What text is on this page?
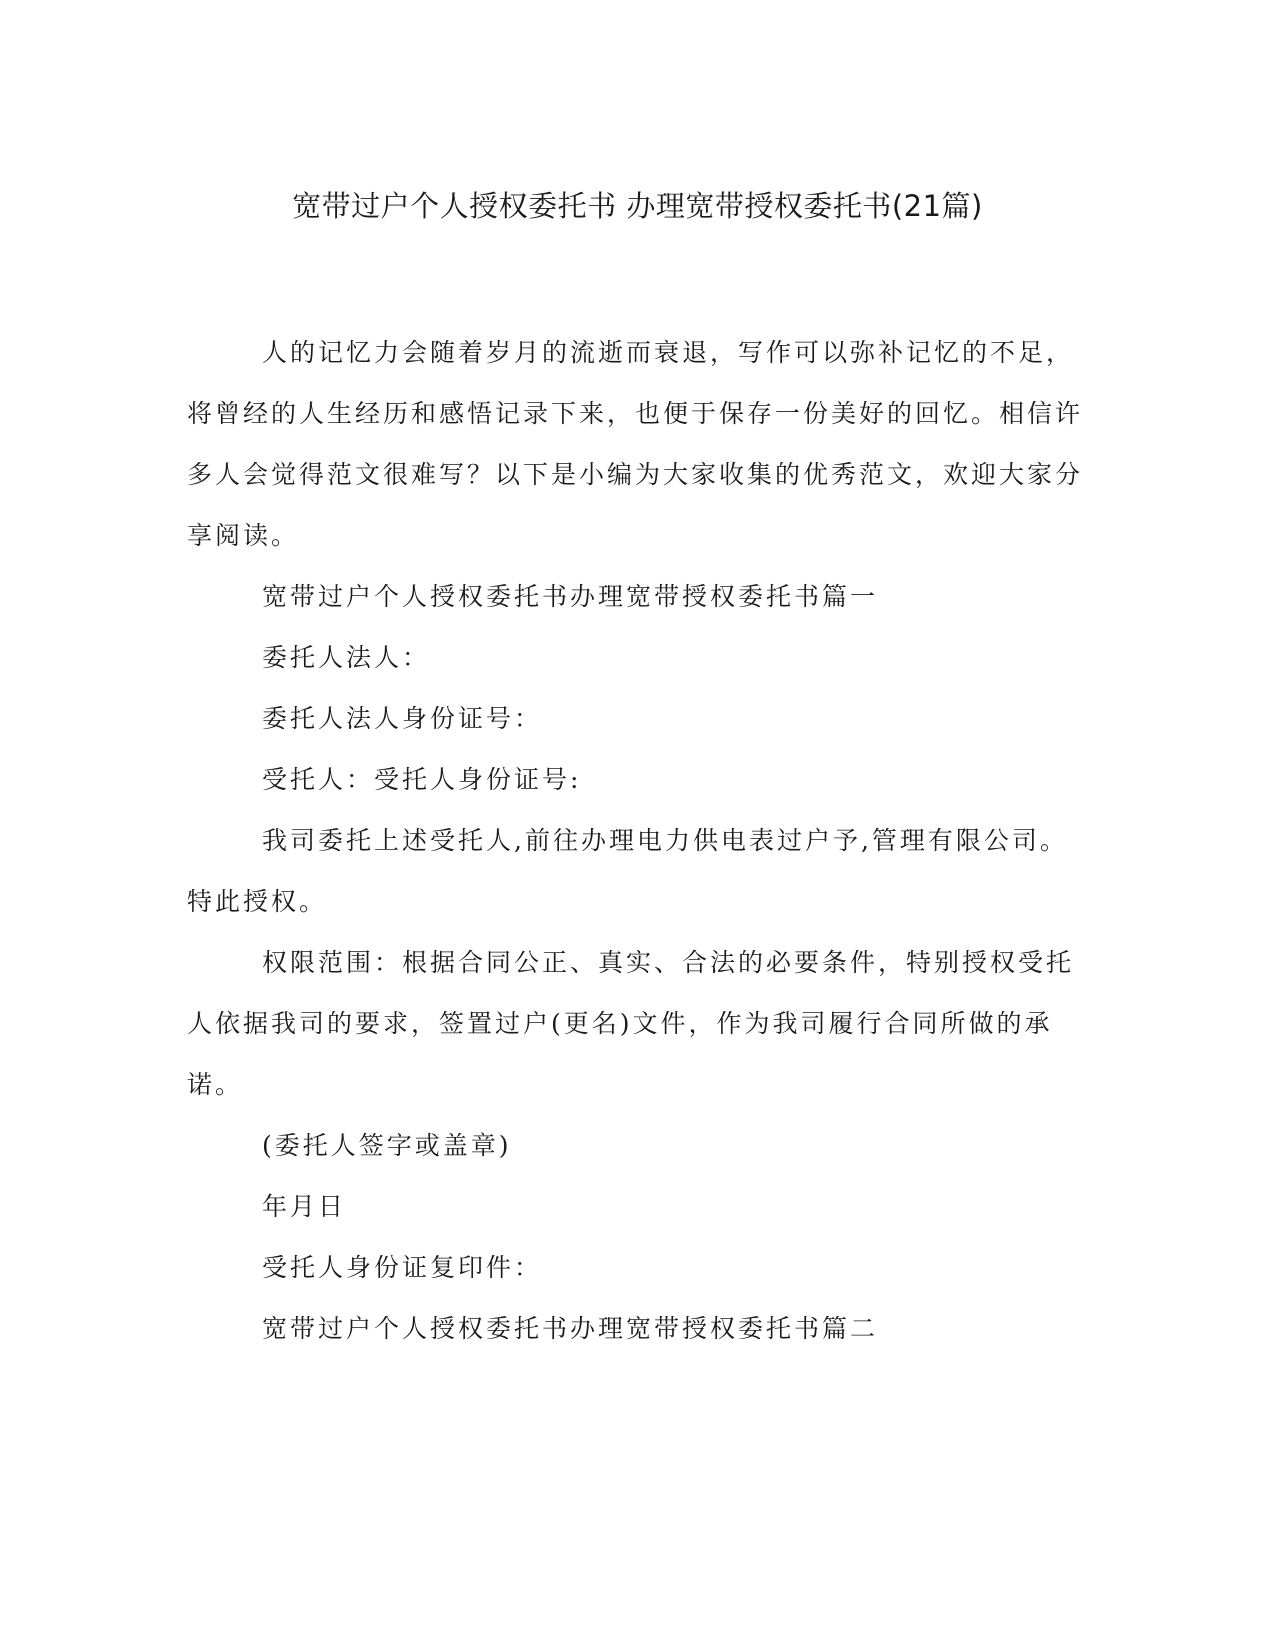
宽带过户个人授权委托书 办理宽带授权委托书(21篇)

人的记忆力会随着岁月的流逝而衰退，写作可以弥补记忆的不足，将曾经的人生经历和感悟记录下来，也便于保存一份美好的回忆。相信许多人会觉得范文很难写？以下是小编为大家收集的优秀范文，欢迎大家分享阅读。

宽带过户个人授权委托书办理宽带授权委托书篇一

委托人法人：

委托人法人身份证号：

受托人：受托人身份证号:

我司委托上述受托人,前往办理电力供电表过户予,管理有限公司。特此授权。

权限范围：根据合同公正、真实、合法的必要条件，特别授权受托人依据我司的要求，签置过户(更名)文件，作为我司履行合同所做的承诺。

(委托人签字或盖章)

年月日

受托人身份证复印件：

宽带过户个人授权委托书办理宽带授权委托书篇二
